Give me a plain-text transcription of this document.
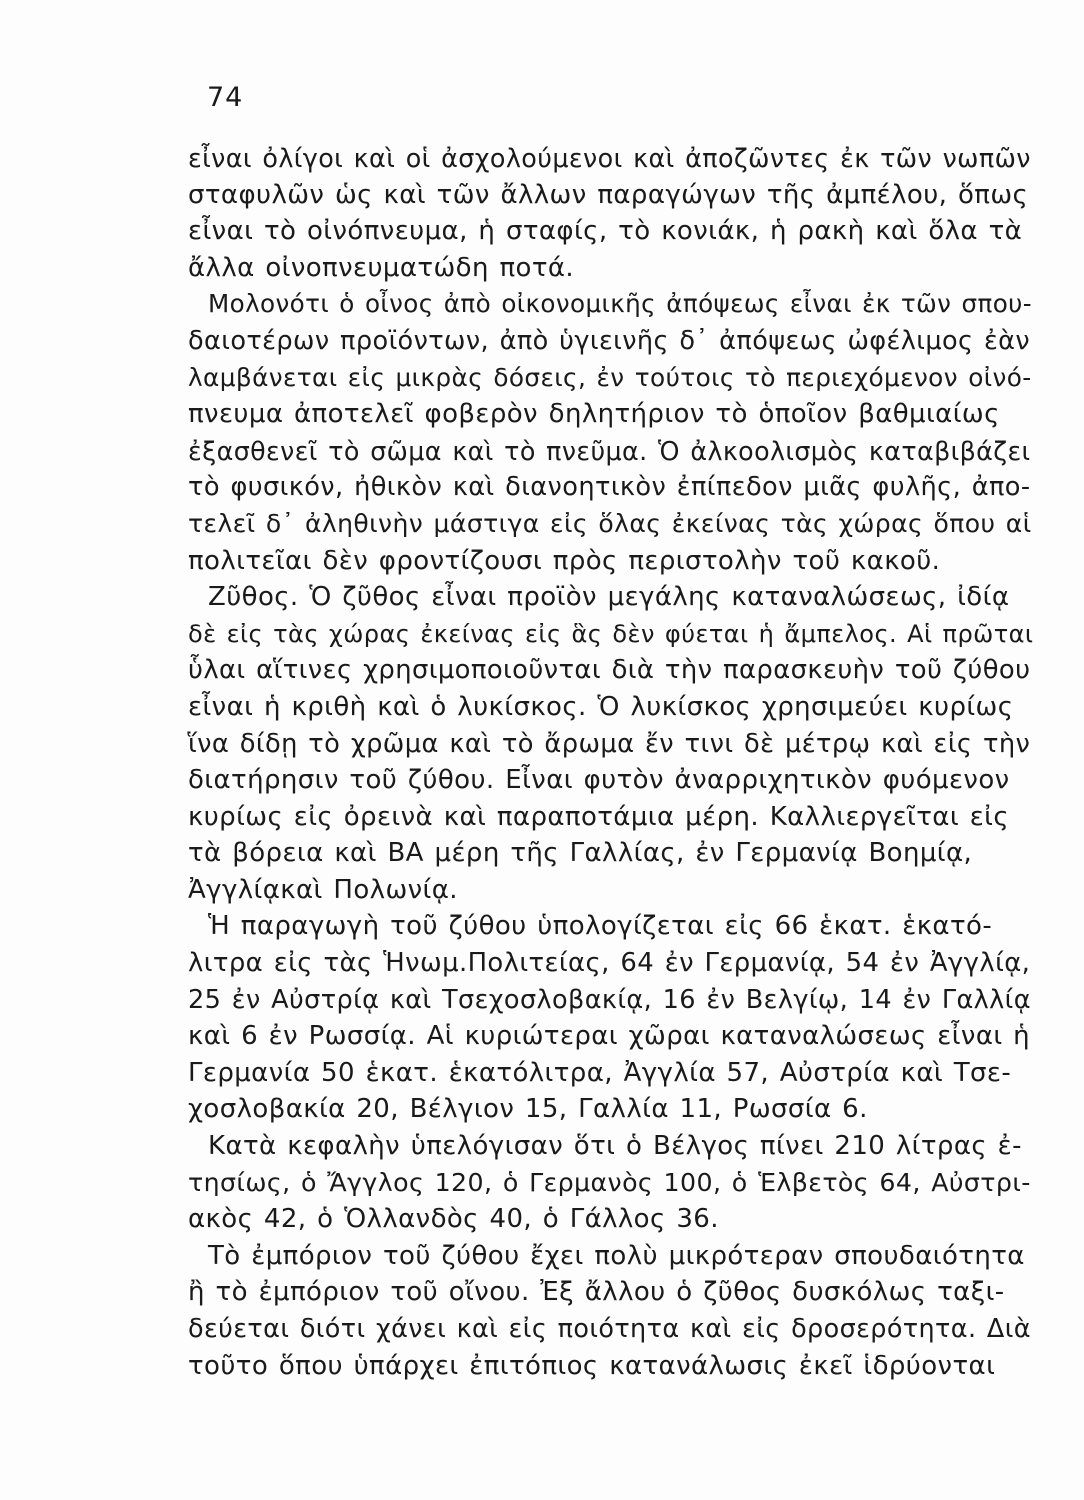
74
εἶναι ὀλίγοι καὶ οἱ ἀσχολούμενοι καὶ ἀποζῶντες ἐκ τῶν νωπῶν
σταφυλῶν ὡς καὶ τῶν ἄλλων παραγώγων τῆς ἀμπέλου, ὅπως
εἶναι τὸ οἰνόπνευμα, ἡ σταφίς, τὸ κονιάκ, ἡ ρακὴ καὶ ὅλα τὰ
ἄλλα οἰνοπνευματώδη ποτά.
Μολονότι ὁ οἶνος ἀπὸ οἰκονομικῆς ἀπόψεως εἶναι ἐκ τῶν σπου-
δαιοτέρων προϊόντων, ἀπὸ ὑγιεινῆς δ᾽ ἀπόψεως ὠφέλιμος ἐὰν
λαμβάνεται εἰς μικρὰς δόσεις, ἐν τούτοις τὸ περιεχόμενον οἰνό-
πνευμα ἀποτελεῖ φοβερὸν δηλητήριον τὸ ὁποῖον βαθμιαίως
ἐξασθενεῖ τὸ σῶμα καὶ τὸ πνεῦμα. Ὁ ἀλκοολισμὸς καταβιβάζει
τὸ φυσικόν, ἠθικὸν καὶ διανοητικὸν ἐπίπεδον μιᾶς φυλῆς, ἀπο-
τελεῖ δ᾽ ἀληθινὴν μάστιγα εἰς ὅλας ἐκείνας τὰς χώρας ὅπου αἱ
πολιτεῖαι δὲν φροντίζουσι πρὸς περιστολὴν τοῦ κακοῦ.
Ζῦθος. Ὁ ζῦθος εἶναι προϊὸν μεγάλης καταναλώσεως, ἰδίᾳ
δὲ εἰς τὰς χώρας ἐκείνας εἰς ἃς δὲν φύεται ἡ ἄμπελος. Αἱ πρῶται
ὗλαι αἵτινες χρησιμοποιοῦνται διὰ τὴν παρασκευὴν τοῦ ζύθου
εἶναι ἡ κριθὴ καὶ ὁ λυκίσκος. Ὁ λυκίσκος χρησιμεύει κυρίως
ἵνα δίδῃ τὸ χρῶμα καὶ τὸ ἄρωμα ἔν τινι δὲ μέτρῳ καὶ εἰς τὴν
διατήρησιν τοῦ ζύθου. Εἶναι φυτὸν ἀναρριχητικὸν φυόμενον
κυρίως εἰς ὀρεινὰ καὶ παραποτάμια μέρη. Καλλιεργεῖται εἰς
τὰ βόρεια καὶ ΒΑ μέρη τῆς Γαλλίας, ἐν Γερμανίᾳ Βοημίᾳ,
Ἀγγλίᾳκαὶ Πολωνίᾳ.
Ἡ παραγωγὴ τοῦ ζύθου ὑπολογίζεται εἰς 66 ἑκατ. ἑκατό-
λιτρα εἰς τὰς Ἡνωμ.Πολιτείας, 64 ἐν Γερμανίᾳ, 54 ἐν Ἀγγλίᾳ,
25 ἐν Αὐστρίᾳ καὶ Τσεχοσλοβακίᾳ, 16 ἐν Βελγίῳ, 14 ἐν Γαλλίᾳ
καὶ 6 ἐν Ρωσσίᾳ. Αἱ κυριώτεραι χῶραι καταναλώσεως εἶναι ἡ
Γερμανία 50 ἑκατ. ἑκατόλιτρα, Ἀγγλία 57, Αὐστρία καὶ Τσε-
χοσλοβακία 20, Βέλγιον 15, Γαλλία 11, Ρωσσία 6.
Κατὰ κεφαλὴν ὑπελόγισαν ὅτι ὁ Βέλγος πίνει 210 λίτρας ἐ-
τησίως, ὁ Ἄγγλος 120, ὁ Γερμανὸς 100, ὁ Ἑλβετὸς 64, Αὐστρι-
ακὸς 42, ὁ Ὁλλανδὸς 40, ὁ Γάλλος 36.
Τὸ ἐμπόριον τοῦ ζύθου ἔχει πολὺ μικρότεραν σπουδαιότητα
ἢ τὸ ἐμπόριον τοῦ οἴνου. Ἐξ ἄλλου ὁ ζῦθος δυσκόλως ταξι-
δεύεται διότι χάνει καὶ εἰς ποιότητα καὶ εἰς δροσερότητα. Διὰ
τοῦτο ὅπου ὑπάρχει ἐπιτόπιος κατανάλωσις ἐκεῖ ἱδρύονται
